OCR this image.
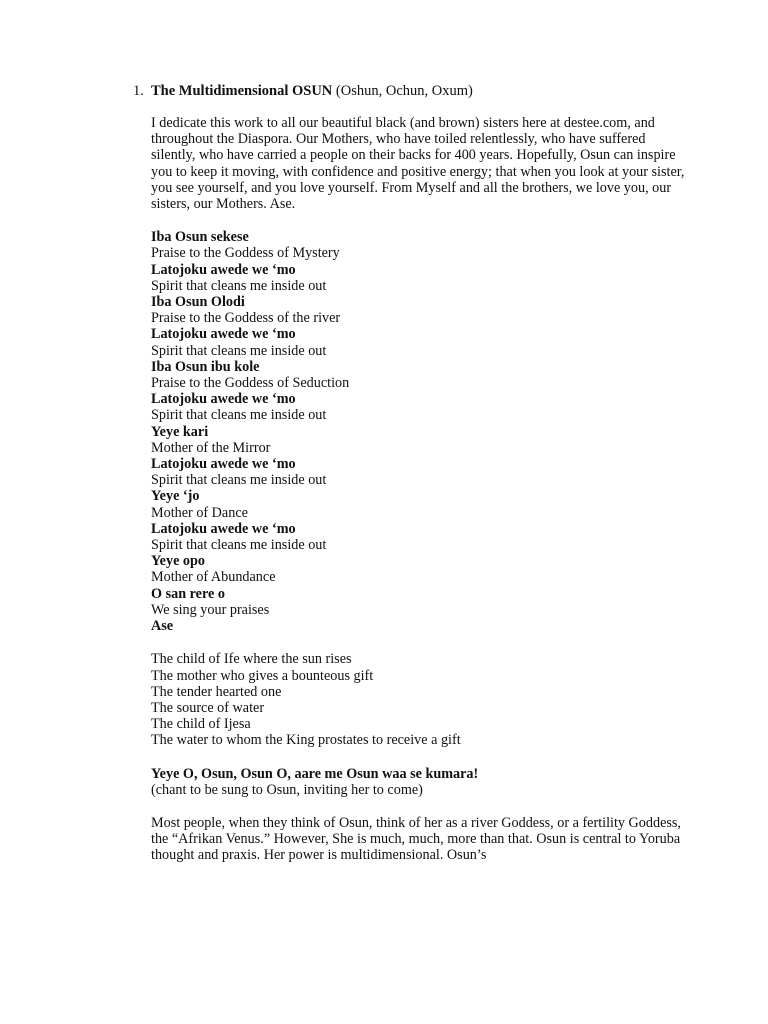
1. The Multidimensional OSUN (Oshun, Ochun, Oxum)

I dedicate this work to all our beautiful black (and brown) sisters here at destee.com, and throughout the Diaspora. Our Mothers, who have toiled relentlessly, who have suffered silently, who have carried a people on their backs for 400 years. Hopefully, Osun can inspire you to keep it moving, with confidence and positive energy; that when you look at your sister, you see yourself, and you love yourself. From Myself and all the brothers, we love you, our sisters, our Mothers. Ase.

Iba Osun sekese
Praise to the Goddess of Mystery
Latojoku awede we ‘mo
Spirit that cleans me inside out
Iba Osun Olodi
Praise to the Goddess of the river
Latojoku awede we ‘mo
Spirit that cleans me inside out
Iba Osun ibu kole
Praise to the Goddess of Seduction
Latojoku awede we ‘mo
Spirit that cleans me inside out
Yeye kari
Mother of the Mirror
Latojoku awede we ‘mo
Spirit that cleans me inside out
Yeye ‘jo
Mother of Dance
Latojoku awede we ‘mo
Spirit that cleans me inside out
Yeye opo
Mother of Abundance
O san rere o
We sing your praises
Ase
The child of Ife where the sun rises
The mother who gives a bounteous gift
The tender hearted one
The source of water
The child of Ijesa
The water to whom the King prostates to receive a gift
Yeye O, Osun, Osun O, aare me Osun waa se kumara!
(chant to be sung to Osun, inviting her to come)

Most people, when they think of Osun, think of her as a river Goddess, or a fertility Goddess, the “Afrikan Venus.” However, She is much, much, more than that. Osun is central to Yoruba thought and praxis. Her power is multidimensional. Osun’s
